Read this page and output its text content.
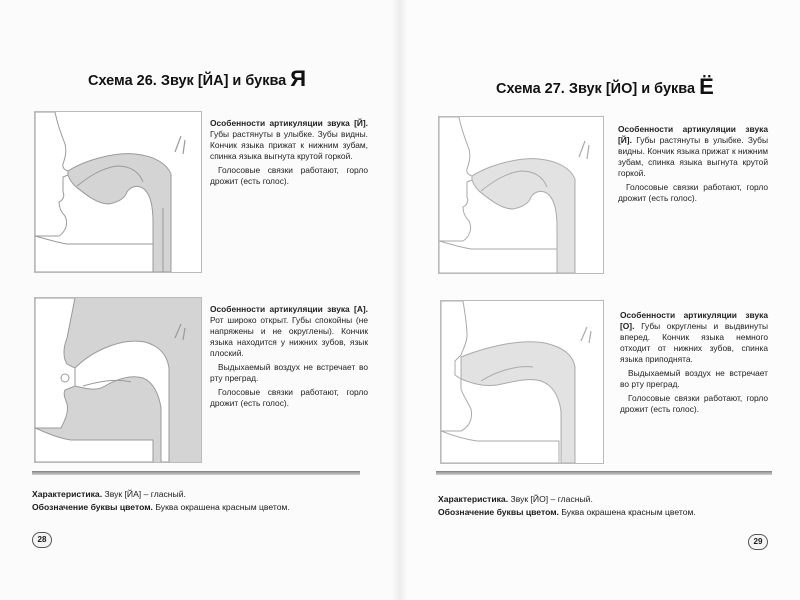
Схема 26. Звук [ЙА] и буква Я

Особенности артикуляции звука [Й]. Губы растянуты в улыбке. Зубы видны. Кончик языка прижат к нижним зубам, спинка языка выгнута крутой горкой.

Голосовые связки работают, горло дрожит (есть голос).

Особенности артикуляции звука [А]. Рот широко открыт. Губы спокойны (не напряжены и не округлены). Кончик языка находится у нижних зубов, язык плоский.

Выдыхаемый воздух не встречает во рту преград.

Голосовые связки работают, горло дрожит (есть голос).

Характеристика. Звук [ЙА] – гласный.
Обозначение буквы цветом. Буква окрашена красным цветом.
28
Схема 27. Звук [ЙО] и буква Ё

Особенности артикуляции звука [Й]. Губы растянуты в улыбке. Зубы видны. Кончик языка прижат к нижним зубам, спинка языка выгнута крутой горкой.

Голосовые связки работают, горло дрожит (есть голос).

Особенности артикуляции звука [О]. Губы округлены и выдвинуты вперед. Кончик языка немного отходит от нижних зубов, спинка языка приподнята.

Выдыхаемый воздух не встречает во рту преград.

Голосовые связки работают, горло дрожит (есть голос).

Характеристика. Звук [ЙО] – гласный.
Обозначение буквы цветом. Буква окрашена красным цветом.
29
